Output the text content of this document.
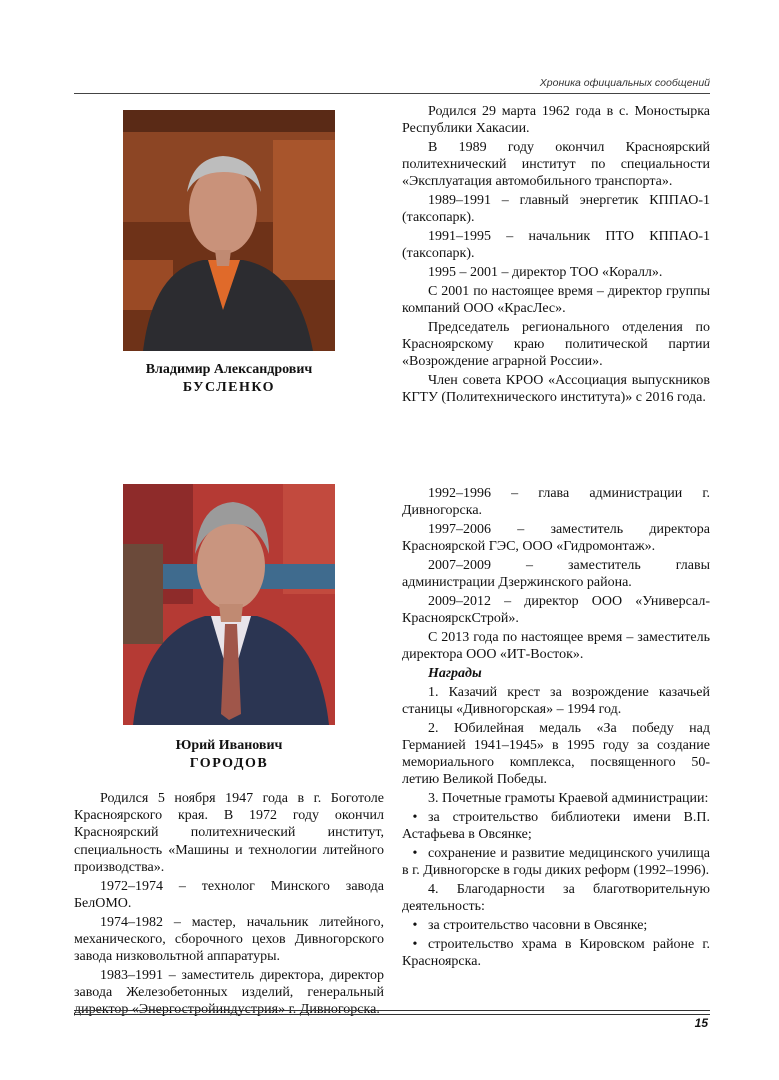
Хроника официальных сообщений
Владимир Александрович
БУСЛЕНКО

Родился 29 марта 1962 года в с. Моностырка Республики Хакасии.

В 1989 году окончил Красноярский политехнический институт по специальности «Эксплуатация автомобильного транспорта».

1989–1991 – главный энергетик КППАО-1 (таксопарк).

1991–1995 – начальник ПТО КППАО-1 (таксопарк).

1995 – 2001 – директор ТОО «Коралл».

С 2001 по настоящее время – директор группы компаний ООО «КрасЛес».

Председатель регионального отделения по Красноярскому краю политической партии «Возрождение аграрной России».

Член совета КРОО «Ассоциация выпускников КГТУ (Политехнического института)» с 2016 года.

Юрий Иванович
ГОРОДОВ

Родился 5 ноября 1947 года в г. Боготоле Красноярского края. В 1972 году окончил Красноярский политехнический институт, специальность «Машины и технологии литейного производства».

1972–1974 – технолог Минского завода БелОМО.

1974–1982 – мастер, начальник литейного, механического, сборочного цехов Дивногорского завода низковольтной аппаратуры.

1983–1991 – заместитель директора, директор завода Железобетонных изделий, генеральный директор «Энергостройиндустрия» г. Дивногорска.

1992–1996 – глава администрации г. Дивногорска.

1997–2006 – заместитель директора Красноярской ГЭС, ООО «Гидромонтаж».

2007–2009 – заместитель главы администрации Дзержинского района.

2009–2012 – директор ООО «Универсал-КрасноярскСтрой».

С 2013 года по настоящее время – заместитель директора ООО «ИТ-Восток».

Награды

1. Казачий крест за возрождение казачьей станицы «Дивногорская» – 1994 год.

2. Юбилейная медаль «За победу над Германией 1941–1945» в 1995 году за создание мемориального комплекса, посвященного 50-летию Великой Победы.

3. Почетные грамоты Краевой администрации:

• за строительство библиотеки имени В.П. Астафьева в Овсянке;

• сохранение и развитие медицинского училища в г. Дивногорске в годы диких реформ (1992–1996).

4. Благодарности за благотворительную деятельность:

• за строительство часовни в Овсянке;

• строительство храма в Кировском районе г. Красноярска.

15
